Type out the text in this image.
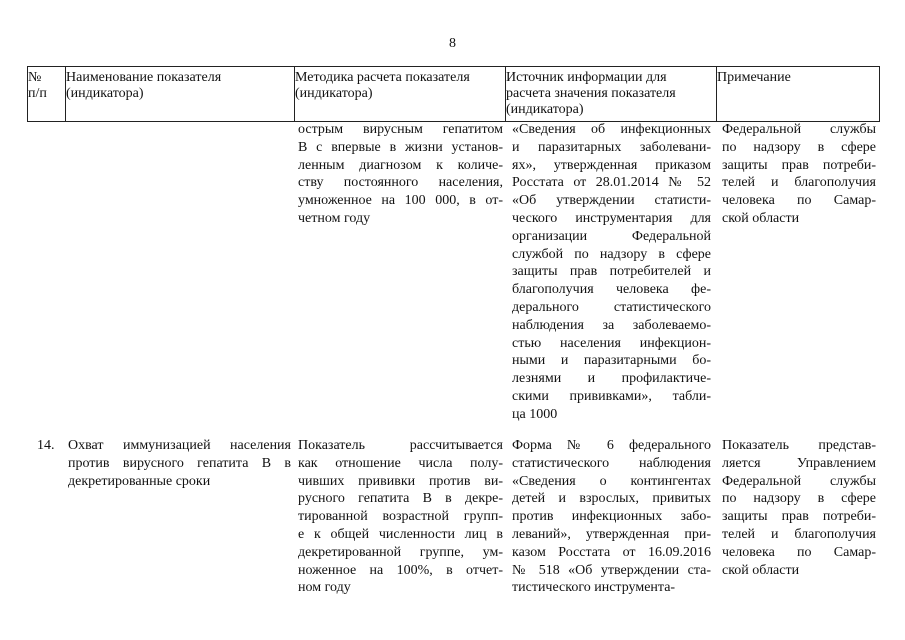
8
№
п/п
Наименование показателя
(индикатора)
Методика расчета показателя
(индикатора)
Источник информации для
расчета значения показателя
(индикатора)
Примечание
острым вирусным гепатитом
В с впервые в жизни установ-
ленным диагнозом к количе-
ству постоянного населения,
умноженное на 100 000, в от-
четном году
«Сведения об инфекционных
и паразитарных заболевани-
ях», утвержденная приказом
Росстата от 28.01.2014 № 52
«Об утверждении статисти-
ческого инструментария для
организации Федеральной
службой по надзору в сфере
защиты прав потребителей и
благополучия человека фе-
дерального статистического
наблюдения за заболеваемо-
стью населения инфекцион-
ными и паразитарными бо-
лезнями и профилактиче-
скими прививками», табли-
ца 1000
Федеральной службы
по надзору в сфере
защиты прав потреби-
телей и благополучия
человека по Самар-
ской области
14. Охват иммунизацией населения
против вирусного гепатита В в
декретированные сроки
Показатель рассчитывается
как отношение числа полу-
чивших прививки против ви-
русного гепатита В в декре-
тированной возрастной групп-
е к общей численности лиц в
декретированной группе, ум-
ноженное на 100%, в отчет-
ном году
Форма № 6 федерального
статистического наблюдения
«Сведения о контингентах
детей и взрослых, привитых
против инфекционных забо-
леваний», утвержденная при-
казом Росстата от 16.09.2016
№ 518 «Об утверждении ста-
тистического инструмента-
Показатель представ-
ляется Управлением
Федеральной службы
по надзору в сфере
защиты прав потреби-
телей и благополучия
человека по Самар-
ской области
